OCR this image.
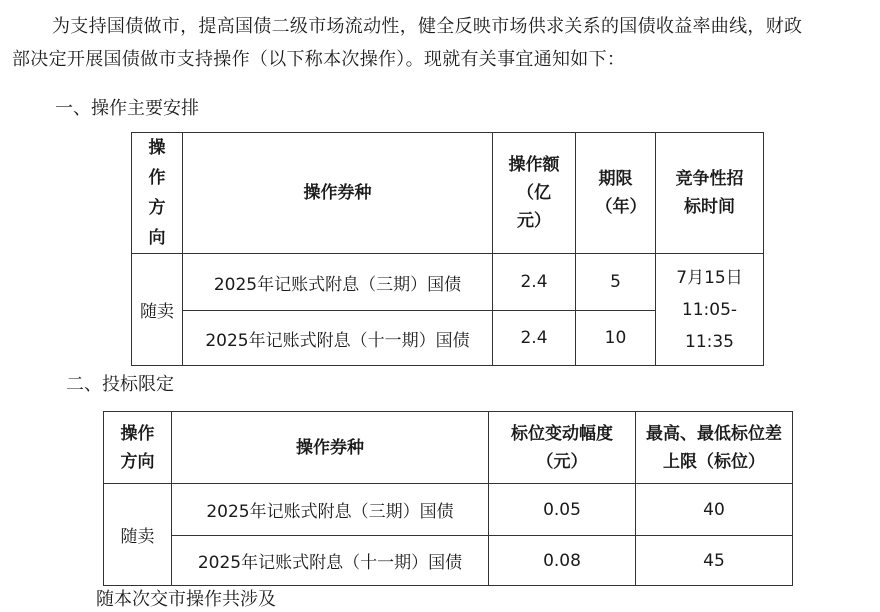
为支持国债做市，提高国债二级市场流动性，健全反映市场供求关系的国债收益率曲线，财政
部决定开展国债做市支持操作（以下称本次操作）。现就有关事宜通知如下：
一、操作主要安排
操作方向	操作券种	操作额（亿元）	期限（年）	竞争性招标时间

随卖	2025年记账式附息（三期）国债	2.4	5	7月15日
11:05-
11:35

	2025年记账式附息（十一期）国债	2.4	10	
二、投标限定
操作方向	操作券种	标位变动幅度（元）	最高、最低标位差上限（标位）

随卖	2025年记账式附息（三期）国债	0.05	40
	2025年记账式附息（十一期）国债	0.08	45
随本次交市操作共涉及
